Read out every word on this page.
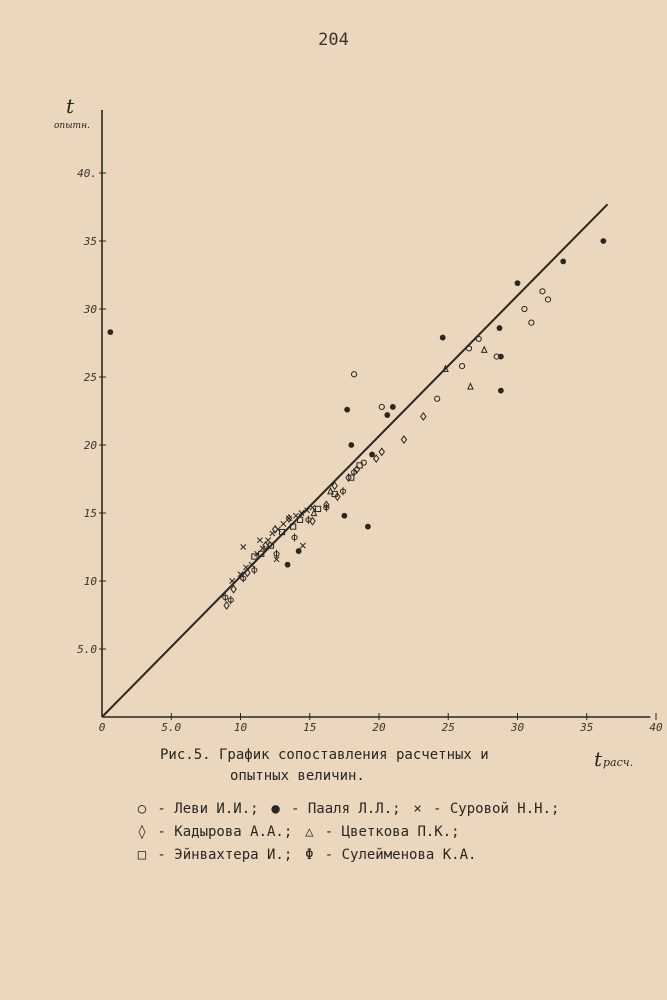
204
0	5.0	10	15	20	25	30	35	40
5.0
10
15
20
25
30
35
40.
t
опытн.
t расч.
Рис.5. График сопоставления расчетных и
опытных величин.
○ - Леви И.И.; ● - Пааля Л.Л.; × - Суровой Н.Н.;
◊ - Кадырова А.А.; △ - Цветкова П.К.;
□ - Эйнвахтера И.; Φ - Сулейменова К.А.
